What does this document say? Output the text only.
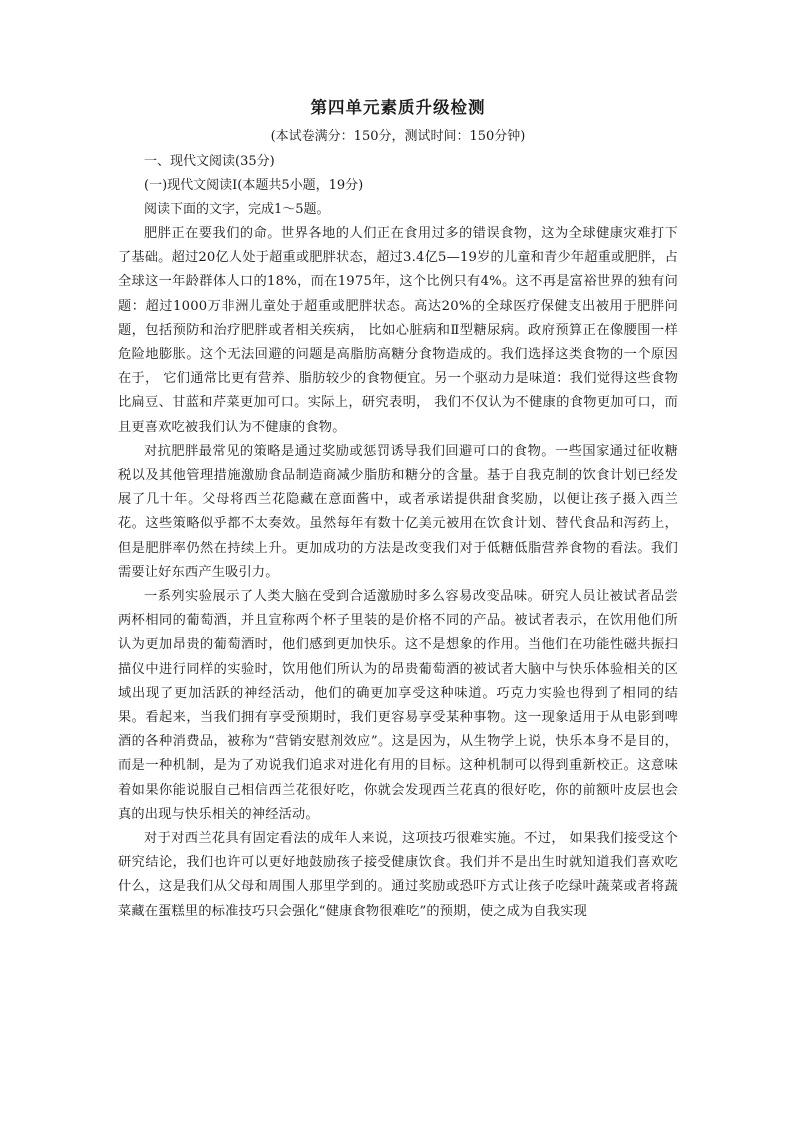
第四单元素质升级检测

(本试卷满分：150分，测试时间：150分钟)

一、现代文阅读(35分)

(一)现代文阅读Ⅰ(本题共5小题，19分)

阅读下面的文字，完成1～5题。

肥胖正在要我们的命。世界各地的人们正在食用过多的错误食物，这为全球健康灾难打下了基础。超过20亿人处于超重或肥胖状态，超过3.4亿5—19岁的儿童和青少年超重或肥胖，占全球这一年龄群体人口的18%，而在1975年，这个比例只有4%。这不再是富裕世界的独有问题：超过1000万非洲儿童处于超重或肥胖状态。高达20%的全球医疗保健支出被用于肥胖问题，包括预防和治疗肥胖或者相关疾病， 比如心脏病和Ⅱ型糖尿病。政府预算正在像腰围一样危险地膨胀。这个无法回避的问题是高脂肪高糖分食物造成的。我们选择这类食物的一个原因在于， 它们通常比更有营养、脂肪较少的食物便宜。另一个驱动力是味道：我们觉得这些食物比扁豆、甘蓝和芹菜更加可口。实际上，研究表明， 我们不仅认为不健康的食物更加可口，而且更喜欢吃被我们认为不健康的食物。

对抗肥胖最常见的策略是通过奖励或惩罚诱导我们回避可口的食物。一些国家通过征收糖税以及其他管理措施激励食品制造商减少脂肪和糖分的含量。基于自我克制的饮食计划已经发展了几十年。父母将西兰花隐藏在意面酱中，或者承诺提供甜食奖励，以便让孩子摄入西兰花。这些策略似乎都不太奏效。虽然每年有数十亿美元被用在饮食计划、替代食品和泻药上，但是肥胖率仍然在持续上升。更加成功的方法是改变我们对于低糖低脂营养食物的看法。我们需要让好东西产生吸引力。

一系列实验展示了人类大脑在受到合适激励时多么容易改变品味。研究人员让被试者品尝两杯相同的葡萄酒，并且宣称两个杯子里装的是价格不同的产品。被试者表示，在饮用他们所认为更加昂贵的葡萄酒时，他们感到更加快乐。这不是想象的作用。当他们在功能性磁共振扫描仪中进行同样的实验时，饮用他们所认为的昂贵葡萄酒的被试者大脑中与快乐体验相关的区域出现了更加活跃的神经活动，他们的确更加享受这种味道。巧克力实验也得到了相同的结果。看起来，当我们拥有享受预期时，我们更容易享受某种事物。这一现象适用于从电影到啤酒的各种消费品，被称为“营销安慰剂效应”。这是因为，从生物学上说，快乐本身不是目的，而是一种机制，是为了劝说我们追求对进化有用的目标。这种机制可以得到重新校正。这意味着如果你能说服自己相信西兰花很好吃，你就会发现西兰花真的很好吃，你的前额叶皮层也会真的出现与快乐相关的神经活动。

对于对西兰花具有固定看法的成年人来说，这项技巧很难实施。不过， 如果我们接受这个研究结论，我们也许可以更好地鼓励孩子接受健康饮食。我们并不是出生时就知道我们喜欢吃什么，这是我们从父母和周围人那里学到的。通过奖励或恐吓方式让孩子吃绿叶蔬菜或者将蔬菜藏在蛋糕里的标准技巧只会强化“健康食物很难吃”的预期，使之成为自我实现
